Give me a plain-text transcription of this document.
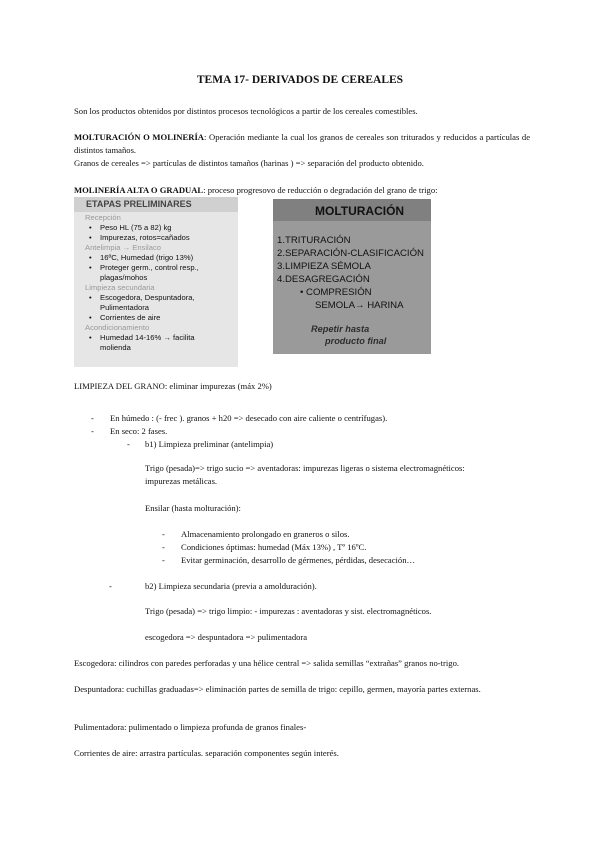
TEMA 17- DERIVADOS DE CEREALES
Son los productos obtenidos por distintos procesos tecnológicos a partir de los cereales comestibles.
MOLTURACIÓN O MOLINERÍA: Operación mediante la cual los granos de cereales son triturados y reducidos a partículas de distintos tamaños.
Granos de cereales => partículas de distintos tamaños (harinas ) => separación del producto obtenido.
MOLINERÍA ALTA O GRADUAL: proceso progresovo de reducción o degradación del grano de trigo:
ETAPAS PRELIMINARES
Recepción
• Peso HL (75 a 82) kg
• Impurezas, rotos=cañados
Antelimpia → Ensilaco
• 16ºC, Humedad (trigo 13%)
• Proteger germ., control resp.,
plagas/mohos
Limpieza secundaria
• Escogedora, Despuntadora,
Pulimentadora
• Corrientes de aire
Acondicionamiento
• Humedad 14-16% → facilita
molienda
MOLTURACIÓN
1.TRITURACIÓN
2.SEPARACIÓN-CLASIFICACIÓN
3.LIMPIEZA SÉMOLA
4.DESAGREGACIÓN
• COMPRESIÓN
SEMOLA→ HARINA
Repetir hasta
producto final
LIMPIEZA DEL GRANO: eliminar impurezas (máx 2%)
- En húmedo : (- frec ). granos + h20 => desecado con aire caliente o centrífugas).
- En seco: 2 fases.
- b1) Limpieza preliminar (antelimpia)
Trigo (pesada)=> trigo sucio => aventadoras: impurezas ligeras o sistema electromagnéticos:
impurezas metálicas.
Ensilar (hasta molturación):
- Almacenamiento prolongado en graneros o silos.
- Condiciones óptimas: humedad (Máx 13%) , Tº 16ºC.
- Evitar germinación, desarrollo de gérmenes, pérdidas, desecación…
-	b2) Limpieza secundaria (previa a amolduración).
Trigo (pesada) => trigo limpio: - impurezas : aventadoras y sist. electromagnéticos.
escogedora => despuntadora => pulimentadora
Escogedora: cilindros con paredes perforadas y una hélice central => salida semillas “extrañas” granos no-trigo.
Despuntadora: cuchillas graduadas=> eliminación partes de semilla de trigo: cepillo, germen, mayoría partes externas.
Pulimentadora: pulimentado o limpieza profunda de granos finales-
Corrientes de aire: arrastra partículas. separación componentes según interés.
